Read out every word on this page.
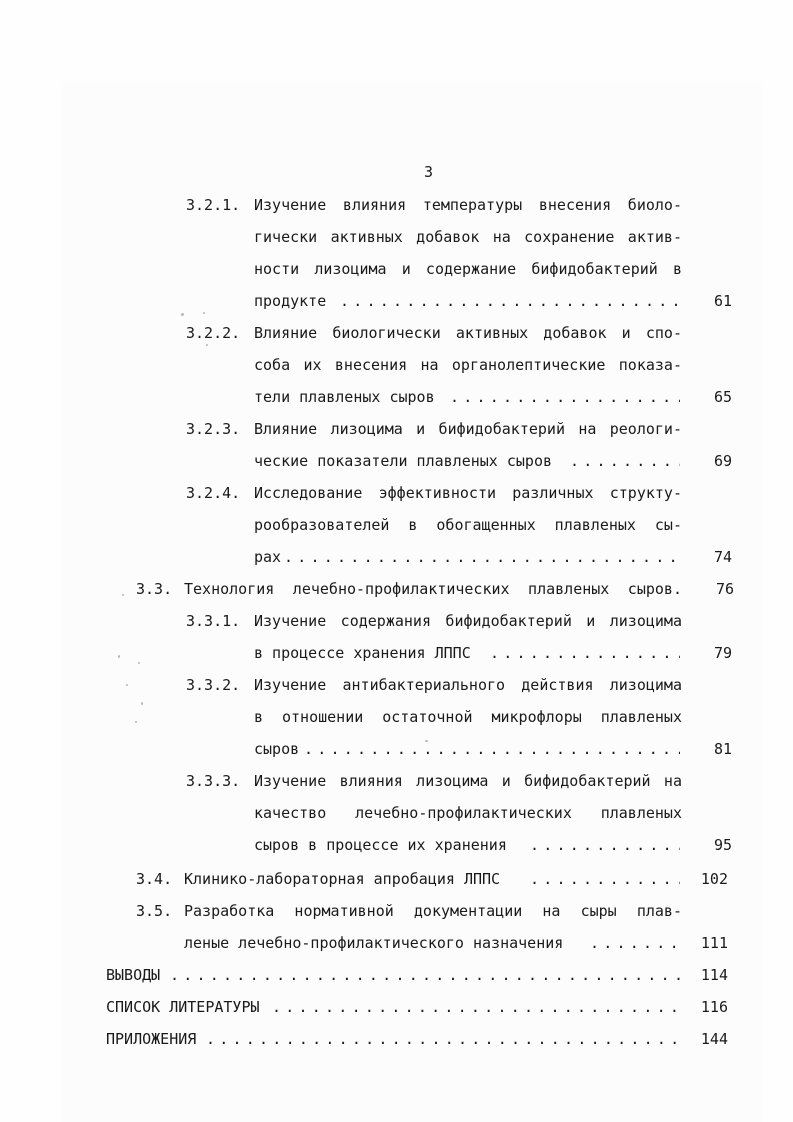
3
3.2.1. Изучение влияния температуры внесения биоло-
гически активных добавок на сохранение актив-
ности лизоцима и содержание бифидобактерий в
продукте . . .	61
3.2.2. Влияние биологически активных добавок и спо-
соба их внесения на органолептические показа-
тели плавленых сыров . . .	65
3.2.3. Влияние лизоцима и бифидобактерий на реологи-
ческие показатели плавленых сыров . . .	69
3.2.4. Исследование эффективности различных структу-
рообразователей в обогащенных плавленых сы-
рах . . .	74
3.3. Технология лечебно-профилактических плавленых сыров.	76
3.3.1. Изучение содержания бифидобактерий и лизоцима
в процессе хранения ЛППС . . .	79
3.3.2. Изучение антибактериального действия лизоцима
в отношении остаточной микрофлоры плавленых
сыров . . .	81
3.3.3. Изучение влияния лизоцима и бифидобактерий на
качество лечебно-профилактических плавленых
сыров в процессе их хранения . . .	95
3.4. Клинико-лабораторная апробация ЛППС . . .	102
3.5. Разработка нормативной документации на сыры плав-
леные лечебно-профилактического назначения . . .	111
ВЫВОДЫ . . .	114
СПИСОК ЛИТЕРАТУРЫ . . .	116
ПРИЛОЖЕНИЯ . . .	144
